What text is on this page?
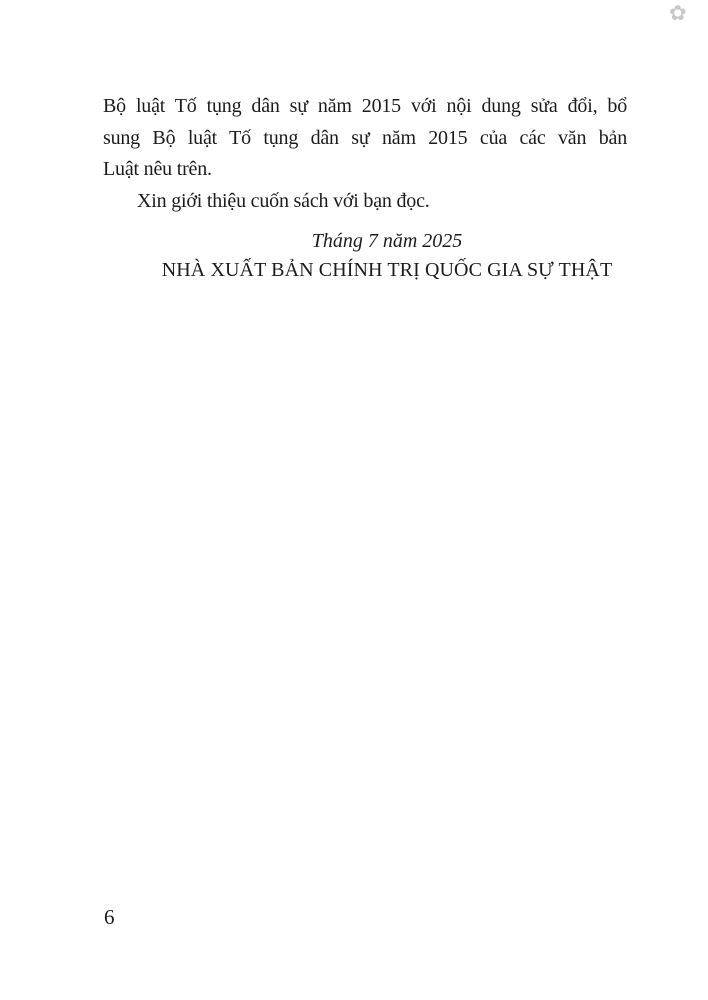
✿
Bộ luật Tố tụng dân sự năm 2015 với nội dung sửa đổi, bổ
sung Bộ luật Tố tụng dân sự năm 2015 của các văn bản
Luật nêu trên.
Xin giới thiệu cuốn sách với bạn đọc.
Tháng 7 năm 2025
NHÀ XUẤT BẢN CHÍNH TRỊ QUỐC GIA SỰ THẬT
6
